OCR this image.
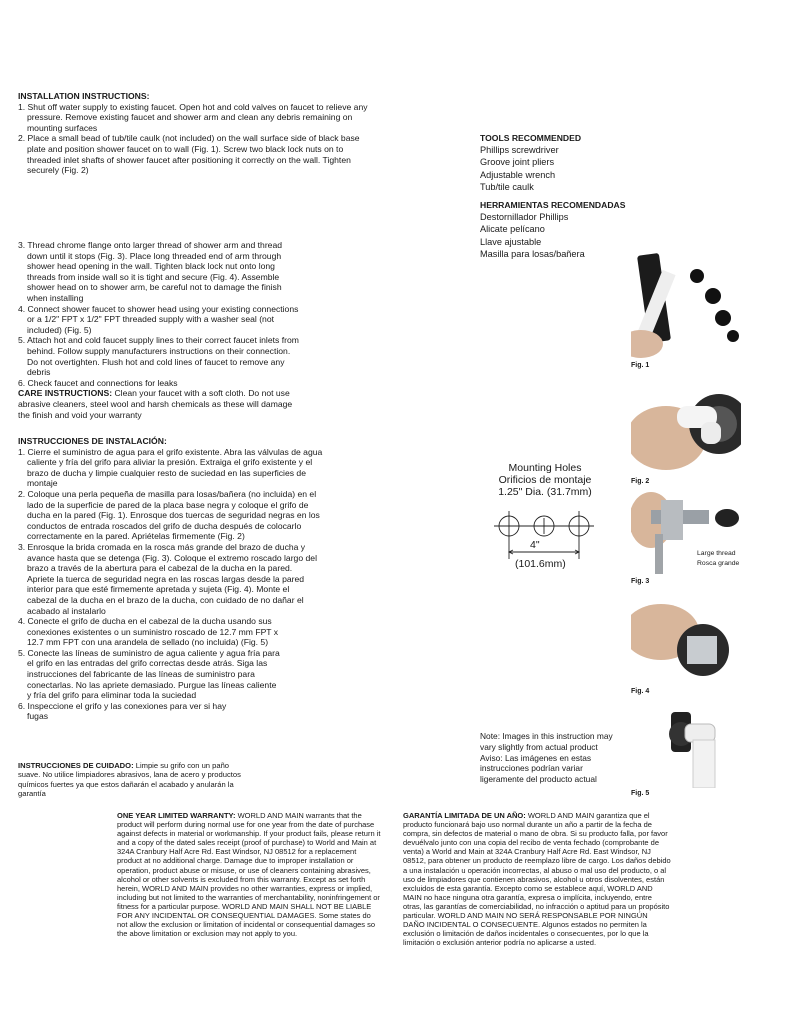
INSTALLATION INSTRUCTIONS:
1. Shut off water supply to existing faucet. Open hot and cold valves on faucet to relieve any pressure. Remove existing faucet and shower arm and clean any debris remaining on mounting surfaces
2. Place a small bead of tub/tile caulk (not included) on the wall surface side of black base plate and position shower faucet on to wall (Fig. 1). Screw two black lock nuts on to threaded inlet shafts of shower faucet after positioning it correctly on the wall. Tighten securely (Fig. 2)
3. Thread chrome flange onto larger thread of shower arm and thread down until it stops (Fig. 3). Place long threaded end of arm through shower head opening in the wall. Tighten black lock nut onto long threads from inside wall so it is tight and secure (Fig. 4). Assemble shower head on to shower arm, be careful not to damage the finish when installing
4. Connect shower faucet to shower head using your existing connections or a 1/2" FPT x 1/2" FPT threaded supply with a washer seal (not included) (Fig. 5)
5. Attach hot and cold faucet supply lines to their correct faucet inlets from behind. Follow supply manufacturers instructions on their connection. Do not overtighten. Flush hot and cold lines of faucet to remove any debris
6. Check faucet and connections for leaks
CARE INSTRUCTIONS: Clean your faucet with a soft cloth. Do not use abrasive cleaners, steel wool and harsh chemicals as these will damage the finish and void your warranty
INSTRUCCIONES DE INSTALACIÓN:
1. Cierre el suministro de agua para el grifo existente. Abra las válvulas de agua caliente y fría del grifo para aliviar la presión. Extraiga el grifo existente y el brazo de ducha y limpie cualquier resto de suciedad en las superficies de montaje
2. Coloque una perla pequeña de masilla para losas/bañera (no incluida) en el lado de la superficie de pared de la placa base negra y coloque el grifo de ducha en la pared (Fig. 1). Enrosque dos tuercas de seguridad negras en los conductos de entrada roscados del grifo de ducha después de colocarlo correctamente en la pared. Apriételas firmemente (Fig. 2)
3. Enrosque la brida cromada en la rosca más grande del brazo de ducha y avance hasta que se detenga (Fig. 3). Coloque el extremo roscado largo del brazo a través de la abertura para el cabezal de la ducha en la pared. Apriete la tuerca de seguridad negra en las roscas largas desde la pared interior para que esté firmemente apretada y sujeta (Fig. 4). Monte el cabezal de la ducha en el brazo de la ducha, con cuidado de no dañar el acabado al instalarlo
4. Conecte el grifo de ducha en el cabezal de la ducha usando sus conexiones existentes o un suministro roscado de 12.7 mm FPT x 12.7 mm FPT con una arandela de sellado (no incluida) (Fig. 5)
5. Conecte las líneas de suministro de agua caliente y agua fría para el grifo en las entradas del grifo correctas desde atrás. Siga las instrucciones del fabricante de las líneas de suministro para conectarlas. No las apriete demasiado. Purgue las líneas caliente y fría del grifo para eliminar toda la suciedad
6. Inspeccione el grifo y las conexiones para ver si hay fugas
INSTRUCCIONES DE CUIDADO: Limpie su grifo con un paño suave. No utilice limpiadores abrasivos, lana de acero y productos químicos fuertes ya que estos dañarán el acabado y anularán la garantía
TOOLS RECOMMENDED
Phillips screwdriver
Groove joint pliers
Adjustable wrench
Tub/tile caulk
HERRAMIENTAS RECOMENDADAS
Destornillador Phillips
Alicate pelícano
Llave ajustable
Masilla para losas/bañera
Mounting Holes
Orificios de montaje
1.25" Dia. (31.7mm)
4"
(101.6mm)
Note: Images in this instruction may vary slightly from actual product
Aviso: Las imágenes en estas instrucciones podrían variar ligeramente del producto actual
Fig. 1
Fig. 2
Large thread
Rosca grande
Fig. 3
Fig. 4
Fig. 5
ONE YEAR LIMITED WARRANTY: WORLD AND MAIN warrants that the product will perform during normal use for one year from the date of purchase against defects in material or workmanship. If your product fails, please return it and a copy of the dated sales receipt (proof of purchase) to World and Main at 324A Cranbury Half Acre Rd. East Windsor, NJ 08512 for a replacement product at no additional charge. Damage due to improper installation or operation, product abuse or misuse, or use of cleaners containing abrasives, alcohol or other solvents is excluded from this warranty. Except as set forth herein, WORLD AND MAIN provides no other warranties, express or implied, including but not limited to the warranties of merchantability, noninfringement or fitness for a particular purpose. WORLD AND MAIN SHALL NOT BE LIABLE FOR ANY INCIDENTAL OR CONSEQUENTIAL DAMAGES. Some states do not allow the exclusion or limitation of incidental or consequential damages so the above limitation or exclusion may not apply to you.
GARANTÍA LIMITADA DE UN AÑO: WORLD AND MAIN garantiza que el producto funcionará bajo uso normal durante un año a partir de la fecha de compra, sin defectos de material o mano de obra. Si su producto falla, por favor devuélvalo junto con una copia del recibo de venta fechado (comprobante de venta) a World and Main at 324A Cranbury Half Acre Rd. East Windsor, NJ 08512, para obtener un producto de reemplazo libre de cargo. Los daños debido a una instalación u operación incorrectas, al abuso o mal uso del producto, o al uso de limpiadores que contienen abrasivos, alcohol u otros disolventes, están excluidos de esta garantía. Excepto como se establece aquí, WORLD AND MAIN no hace ninguna otra garantía, expresa o implícita, incluyendo, entre otras, las garantías de comerciabilidad, no infracción o aptitud para un propósito particular. WORLD AND MAIN NO SERÁ RESPONSABLE POR NINGÚN DAÑO INCIDENTAL O CONSECUENTE. Algunos estados no permiten la exclusión o limitación de daños incidentales o consecuentes, por lo que la limitación o exclusión anterior podría no aplicarse a usted.
